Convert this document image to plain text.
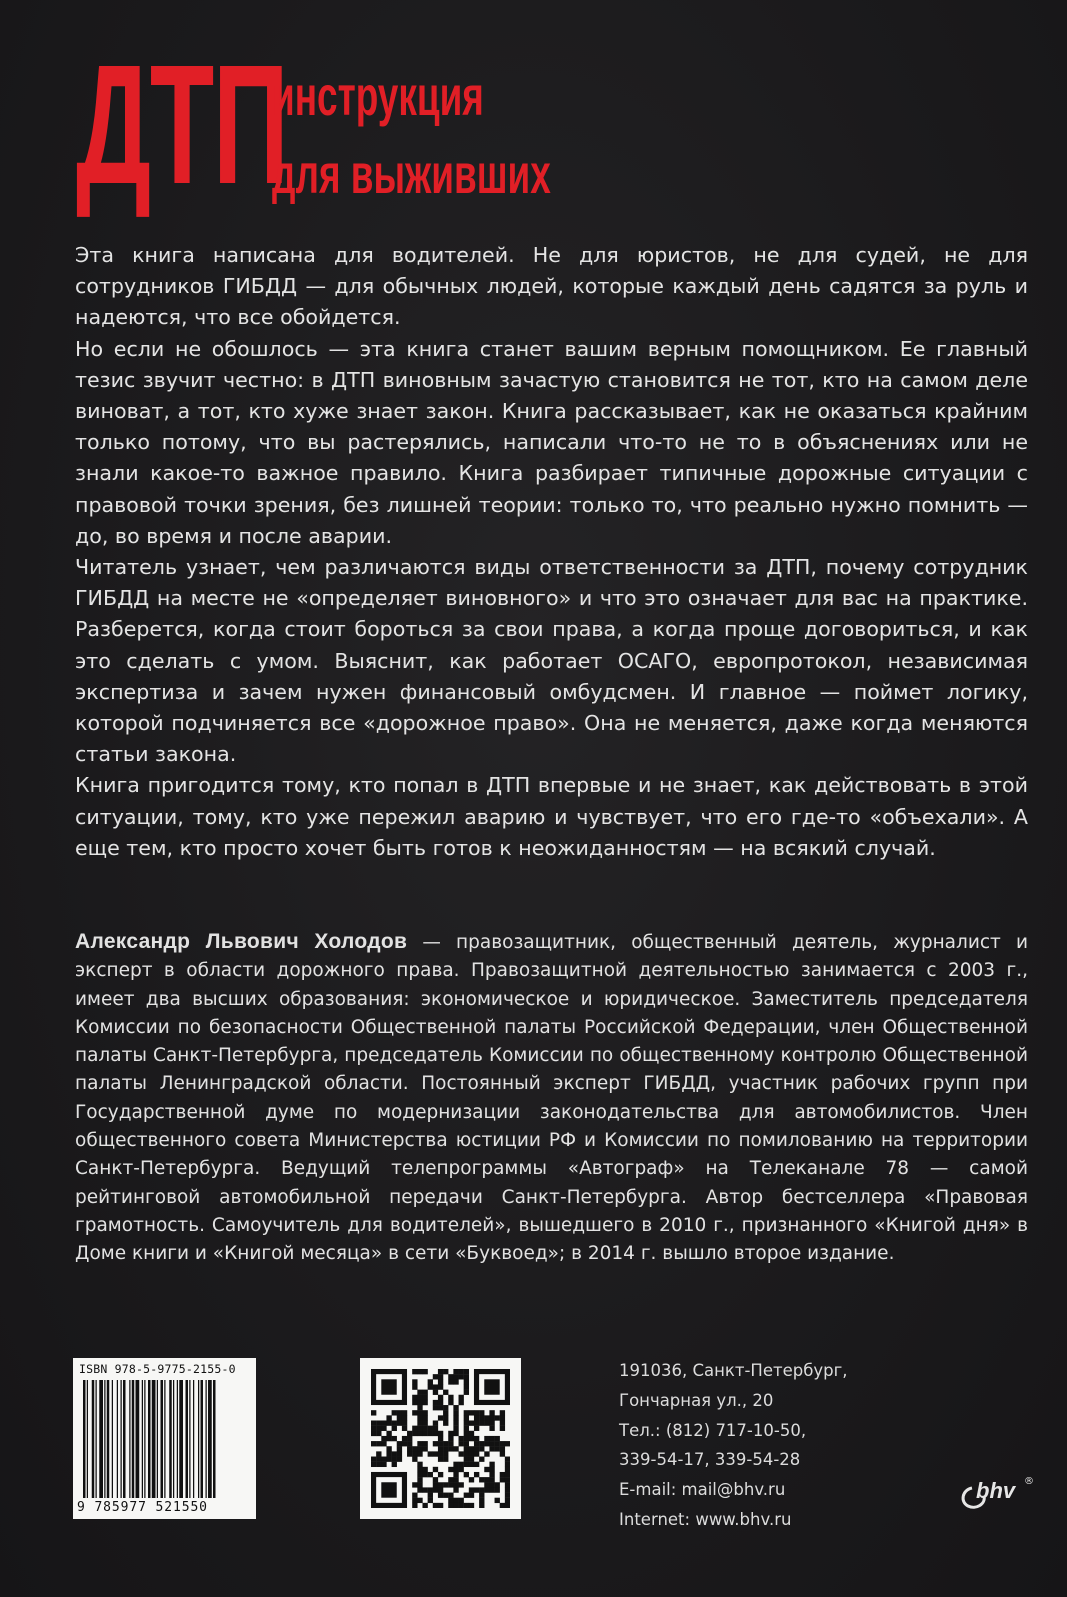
ДТП
инструкция
для выживших

Эта книга написана для водителей. Не для юристов, не для судей, не для сотрудников ГИБДД — для обычных людей, которые каждый день садятся за руль и надеются, что все обойдется.

Но если не обошлось — эта книга станет вашим верным помощником. Ее главный тезис звучит честно: в ДТП виновным зачастую становится не тот, кто на самом деле виноват, а тот, кто хуже знает закон. Книга рассказывает, как не оказаться крайним только потому, что вы растерялись, написали что-то не то в объяснениях или не знали какое-то важное правило. Книга разбирает типичные дорожные ситуации с правовой точки зрения, без лишней теории: только то, что реально нужно помнить — до, во время и после аварии.

Читатель узнает, чем различаются виды ответственности за ДТП, почему сотрудник ГИБДД на месте не «определяет виновного» и что это означает для вас на практике. Разберется, когда стоит бороться за свои права, а когда проще договориться, и как это сделать с умом. Выяснит, как работает ОСАГО, европротокол, независимая экспертиза и зачем нужен финансовый омбудсмен. И главное — поймет логику, которой подчиняется все «дорожное право». Она не меняется, даже когда меняются статьи закона.

Книга пригодится тому, кто попал в ДТП впервые и не знает, как действовать в этой ситуации, тому, кто уже пережил аварию и чувствует, что его где-то «объехали». А еще тем, кто просто хочет быть готов к неожиданностям — на всякий случай.

Александр Львович Холодов — правозащитник, общественный деятель, журналист и эксперт в области дорожного права. Правозащитной деятельностью занимается с 2003 г., имеет два высших образования: экономическое и юридическое. Заместитель председателя Комиссии по безопасности Общественной палаты Российской Федерации, член Общественной палаты Санкт-Петербурга, председатель Комиссии по общественному контролю Общественной палаты Ленинградской области. Постоянный эксперт ГИБДД, участник рабочих групп при Государственной думе по модернизации законодательства для автомобилистов. Член общественного совета Министерства юстиции РФ и Комиссии по помилованию на территории Санкт-Петербурга. Ведущий телепрограммы «Автограф» на Телеканале 78 — самой рейтинговой автомобильной передачи Санкт-Петербурга. Автор бестселлера «Правовая грамотность. Самоучитель для водителей», вышедшего в 2010 г., признанного «Книгой дня» в Доме книги и «Книгой месяца» в сети «Буквоед»; в 2014 г. вышло второе издание.
ISBN 978-5-9775-2155-0
9 785977 521550
191036, Санкт-Петербург,
Гончарная ул., 20
Тел.: (812) 717-10-50,
339-54-17, 339-54-28
E-mail: mail@bhv.ru
Internet: www.bhv.ru
bhv ®
